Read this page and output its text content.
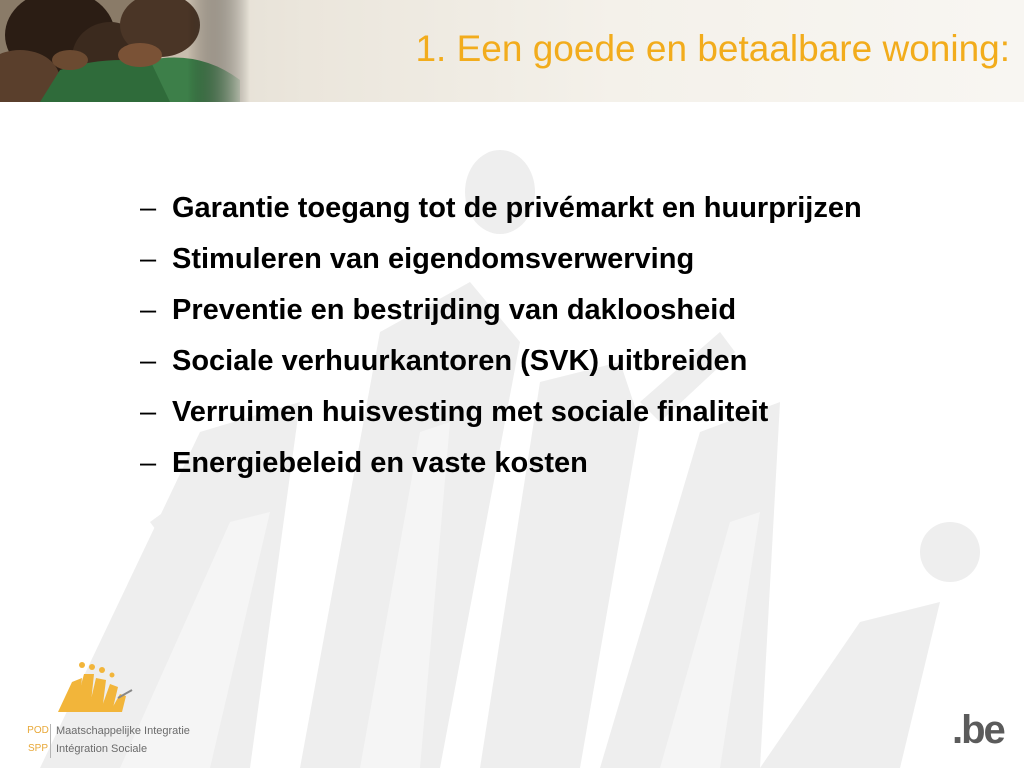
1. Een goede en betaalbare woning:
– Garantie toegang tot de privémarkt en huurprijzen
– Stimuleren van eigendomsverwerving
– Preventie en bestrijding van dakloosheid
– Sociale verhuurkantoren (SVK) uitbreiden
– Verruimen huisvesting met sociale finaliteit
– Energiebeleid en vaste kosten
POD
SPP
Maatschappelijke Integratie
Intégration Sociale	.be
